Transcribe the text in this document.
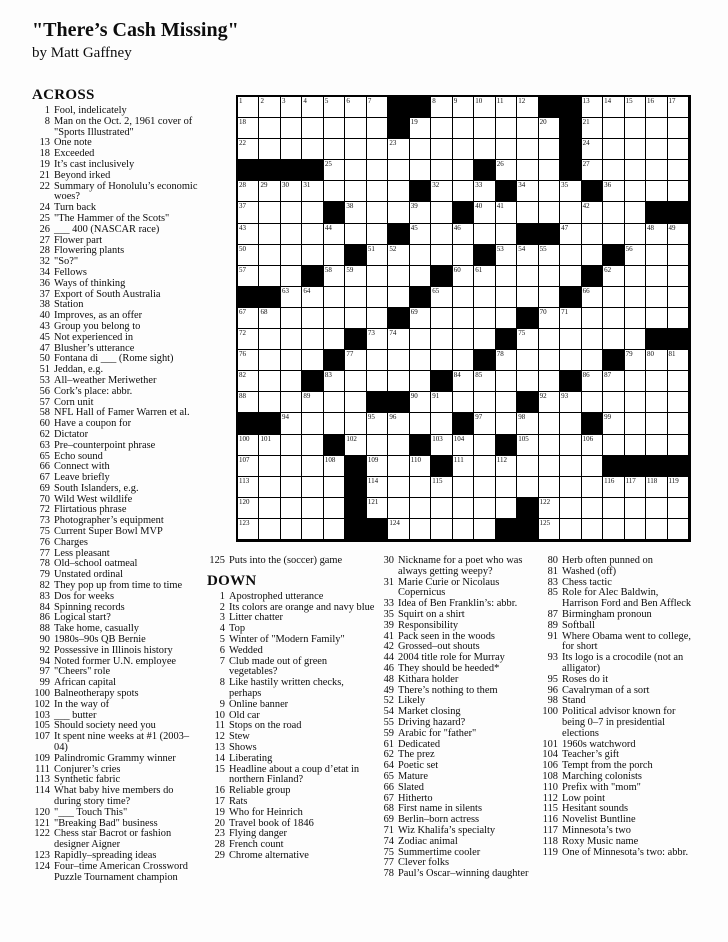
"There’s Cash Missing"
by Matt Gaffney
1	2	3	4	5	6	7	8	9	10 11 12	13 14 15 16 17
18	19	20	21
22	23	24
25	26	27
28 29 30 31	32	33	34	35	36
37	38	39	40 41	42
43	44	45	46	47	48 49
50	51 52	53 54 55	56
57	58 59	60 61	62
63 64	65	66
67 68	69	70 71
72	73 74	75
76	77	78	79 80 81
82	83	84 85	86 87
88	89	90 91	92 93
94	95 96	97	98	99
100 101	102	103 104	105	106
107	108	109	110	111	112
113	114	115	116 117 118 119
120	121	122
123	124	125
ACROSS
1 Fool, indelicately
8 Man on the Oct. 2, 1961 cover of "Sports Illustrated"
13 One note
18 Exceeded
19 It’s cast inclusively
21 Beyond irked
22 Summary of Honolulu’s economic woes?
24 Turn back
25 "The Hammer of the Scots"
26 ___ 400 (NASCAR race)
27 Flower part
28 Flowering plants
32 "So?"
34 Fellows
36 Ways of thinking
37 Export of South Australia
38 Station
40 Improves, as an offer
43 Group you belong to
45 Not experienced in
47 Blusher’s utterance
50 Fontana di ___ (Rome sight)
51 Jeddan, e.g.
53 All–weather Meriwether
56 Cork’s place: abbr.
57 Corn unit
58 NFL Hall of Famer Warren et al.
60 Have a coupon for
62 Dictator
63 Pre–counterpoint phrase
65 Echo sound
66 Connect with
67 Leave briefly
69 South Islanders, e.g.
70 Wild West wildlife
72 Flirtatious phrase
73 Photographer’s equipment
75 Current Super Bowl MVP
76 Charges
77 Less pleasant
78 Old–school oatmeal
79 Unstated ordinal
82 They pop up from time to time
83 Dos for weeks
84 Spinning records
86 Logical start?
88 Take home, casually
90 1980s–90s QB Bernie
92 Possessive in Illinois history
94 Noted former U.N. employee
97 "Cheers" role
99 African capital
100 Balneotherapy spots
102 In the way of
103 ___ butter
105 Should society need you
107 It spent nine weeks at #1 (2003–04)
109 Palindromic Grammy winner
111 Conjurer’s cries
113 Synthetic fabric
114 What baby hive members do during story time?
120 "___ Touch This"
121 "Breaking Bad" business
122 Chess star Bacrot or fashion designer Aigner
123 Rapidly–spreading ideas
124 Four–time American Crossword Puzzle Tournament champion
125 Puts into the (soccer) game
DOWN
1 Apostrophed utterance
2 Its colors are orange and navy blue
3 Litter chatter
4 Top
5 Winter of "Modern Family"
6 Wedded
7 Club made out of green vegetables?
8 Like hastily written checks, perhaps
9 Online banner
10 Old car
11 Stops on the road
12 Stew
13 Shows
14 Liberating
15 Headline about a coup d’etat in northern Finland?
16 Reliable group
17 Rats
19 Who for Heinrich
20 Travel book of 1846
23 Flying danger
28 French count
29 Chrome alternative
30 Nickname for a poet who was always getting weepy?
31 Marie Curie or Nicolaus Copernicus
33 Idea of Ben Franklin’s: abbr.
35 Squirt on a shirt
39 Responsibility
41 Pack seen in the woods
42 Grossed–out shouts
44 2004 title role for Murray
46 They should be heeded*
48 Kithara holder
49 There’s nothing to them
52 Likely
54 Market closing
55 Driving hazard?
59 Arabic for "father"
61 Dedicated
62 The prez
64 Poetic set
65 Mature
66 Slated
67 Hitherto
68 First name in silents
69 Berlin–born actress
71 Wiz Khalifa’s specialty
74 Zodiac animal
75 Summertime cooler
77 Clever folks
78 Paul’s Oscar–winning daughter
80 Herb often punned on
81 Washed (off)
83 Chess tactic
85 Role for Alec Baldwin, Harrison Ford and Ben Affleck
87 Birmingham pronoun
89 Softball
91 Where Obama went to college, for short
93 Its logo is a crocodile (not an alligator)
95 Roses do it
96 Cavalryman of a sort
98 Stand
100 Political advisor known for being 0–7 in presidential elections
101 1960s watchword
104 Teacher’s gift
106 Tempt from the porch
108 Marching colonists
110 Prefix with "mom"
112 Low point
115 Hesitant sounds
116 Novelist Buntline
117 Minnesota’s two
118 Roxy Music name
119 One of Minnesota’s two: abbr.
